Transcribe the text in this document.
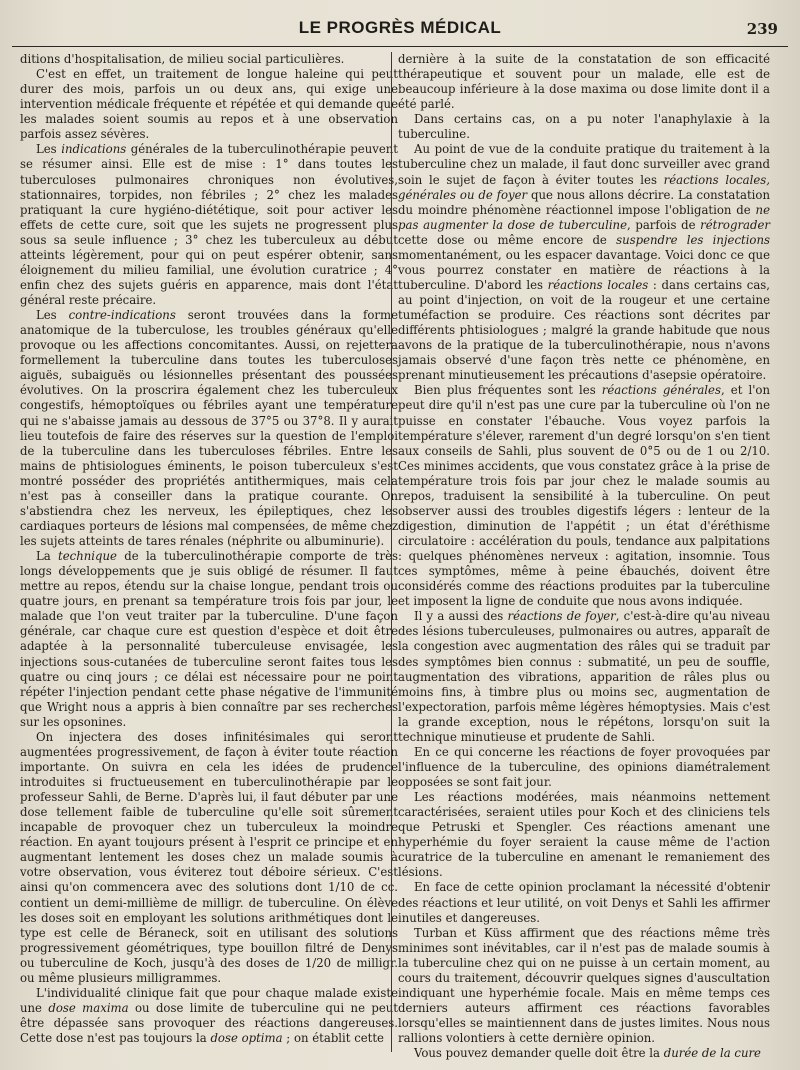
LE PROGRÈS MÉDICAL	239

ditions d'hospitalisation, de milieu social particulières.

C'est en effet, un traitement de longue haleine qui peut durer des mois, parfois un ou deux ans, qui exige une intervention médicale fréquente et répétée et qui demande que les malades soient soumis au repos et à une observation parfois assez sévères.

Les indications générales de la tuberculinothérapie peuvent se résumer ainsi. Elle est de mise : 1° dans toutes les tuberculoses pulmonaires chroniques non évolutives, stationnaires, torpides, non fébriles ; 2° chez les malades pratiquant la cure hygiéno-diététique, soit pour activer les effets de cette cure, soit que les sujets ne progressent plus sous sa seule influence ; 3° chez les tuberculeux au début atteints légèrement, pour qui on peut espérer obtenir, sans éloignement du milieu familial, une évolution curatrice ; 4° enfin chez des sujets guéris en apparence, mais dont l'état général reste précaire.

Les contre-indications seront trouvées dans la forme anatomique de la tuberculose, les troubles généraux qu'elle provoque ou les affections concomitantes. Aussi, on rejettera formellement la tuberculine dans toutes les tuberculoses aiguës, subaiguës ou lésionnelles présentant des poussées évolutives. On la proscrira également chez les tuberculeux congestifs, hémoptoïques ou fébriles ayant une température qui ne s'abaisse jamais au dessous de 37°5 ou 37°8. Il y aurait lieu toutefois de faire des réserves sur la question de l'emploi de la tuberculine dans les tuberculoses fébriles. Entre les mains de phtisiologues éminents, le poison tuberculeux s'est montré posséder des propriétés antithermiques, mais cela n'est pas à conseiller dans la pratique courante. On s'abstiendra chez les nerveux, les épileptiques, chez les cardiaques porteurs de lésions mal compensées, de même chez les sujets atteints de tares rénales (néphrite ou albuminurie).

La technique de la tuberculinothérapie comporte de très longs développements que je suis obligé de résumer. Il faut mettre au repos, étendu sur la chaise longue, pendant trois ou quatre jours, en prenant sa température trois fois par jour, le malade que l'on veut traiter par la tuberculine. D'une façon générale, car chaque cure est question d'espèce et doit être adaptée à la personnalité tuberculeuse envisagée, les injections sous-cutanées de tuberculine seront faites tous les quatre ou cinq jours ; ce délai est nécessaire pour ne point répéter l'injection pendant cette phase négative de l'immunité que Wright nous a appris à bien connaître par ses recherches sur les opsonines.

On injectera des doses infinitésimales qui seront augmentées progressivement, de façon à éviter toute réaction importante. On suivra en cela les idées de prudence introduites si fructueusement en tuberculinothérapie par le professeur Sahli, de Berne. D'après lui, il faut débuter par une dose tellement faible de tuberculine qu'elle soit sûrement incapable de provoquer chez un tuberculeux la moindre réaction. En ayant toujours présent à l'esprit ce principe et en augmentant lentement les doses chez un malade soumis à votre observation, vous éviterez tout déboire sérieux. C'est ainsi qu'on commencera avec des solutions dont 1/10 de cc. contient un demi-millième de milligr. de tuberculine. On élève les doses soit en employant les solutions arithmétiques dont le type est celle de Béraneck, soit en utilisant des solutions progressivement géométriques, type bouillon filtré de Denys ou tuberculine de Koch, jusqu'à des doses de 1/20 de milligr. ou même plusieurs milligrammes.

L'individualité clinique fait que pour chaque malade existe une dose maxima ou dose limite de tuberculine qui ne peut être dépassée sans provoquer des réactions dangereuses. Cette dose n'est pas toujours la dose optima ; on établit cette

dernière à la suite de la constatation de son efficacité thérapeutique et souvent pour un malade, elle est de beaucoup inférieure à la dose maxima ou dose limite dont il a été parlé.

Dans certains cas, on a pu noter l'anaphylaxie à la tuberculine.

Au point de vue de la conduite pratique du traitement à la tuberculine chez un malade, il faut donc surveiller avec grand soin le sujet de façon à éviter toutes les réactions locales, générales ou de foyer que nous allons décrire. La constatation du moindre phénomène réactionnel impose l'obligation de ne pas augmenter la dose de tuberculine, parfois de rétrograder cette dose ou même encore de suspendre les injections momentanément, ou les espacer davantage. Voici donc ce que vous pourrez constater en matière de réactions à la tuberculine. D'abord les réactions locales : dans certains cas, au point d'injection, on voit de la rougeur et une certaine tuméfaction se produire. Ces réactions sont décrites par différents phtisiologues ; malgré la grande habitude que nous avons de la pratique de la tuberculinothérapie, nous n'avons jamais observé d'une façon très nette ce phénomène, en prenant minutieusement les précautions d'asepsie opératoire.

Bien plus fréquentes sont les réactions générales, et l'on peut dire qu'il n'est pas une cure par la tuberculine où l'on ne puisse en constater l'ébauche. Vous voyez parfois la température s'élever, rarement d'un degré lorsqu'on s'en tient aux conseils de Sahli, plus souvent de 0°5 ou de 1 ou 2/10. Ces minimes accidents, que vous constatez grâce à la prise de température trois fois par jour chez le malade soumis au repos, traduisent la sensibilité à la tuberculine. On peut observer aussi des troubles digestifs légers : lenteur de la digestion, diminution de l'appétit ; un état d'éréthisme circulatoire : accélération du pouls, tendance aux palpitations : quelques phénomènes nerveux : agitation, insomnie. Tous ces symptômes, même à peine ébauchés, doivent être considérés comme des réactions produites par la tuberculine et imposent la ligne de conduite que nous avons indiquée.

Il y a aussi des réactions de foyer, c'est-à-dire qu'au niveau des lésions tuberculeuses, pulmonaires ou autres, apparaît de la congestion avec augmentation des râles qui se traduit par des symptômes bien connus : submatité, un peu de souffle, augmentation des vibrations, apparition de râles plus ou moins fins, à timbre plus ou moins sec, augmentation de l'expectoration, parfois même légères hémoptysies. Mais c'est la grande exception, nous le répétons, lorsqu'on suit la technique minutieuse et prudente de Sahli.

En ce qui concerne les réactions de foyer provoquées par l'influence de la tuberculine, des opinions diamétralement opposées se sont fait jour.

Les réactions modérées, mais néanmoins nettement caractérisées, seraient utiles pour Koch et des cliniciens tels que Petruski et Spengler. Ces réactions amenant une hyperhémie du foyer seraient la cause même de l'action curatrice de la tuberculine en amenant le remaniement des lésions.

En face de cette opinion proclamant la nécessité d'obtenir des réactions et leur utilité, on voit Denys et Sahli les affirmer inutiles et dangereuses.

Turban et Küss affirment que des réactions même très minimes sont inévitables, car il n'est pas de malade soumis à la tuberculine chez qui on ne puisse à un certain moment, au cours du traitement, découvrir quelques signes d'auscultation indiquant une hyperhémie focale. Mais en même temps ces derniers auteurs affirment ces réactions favorables lorsqu'elles se maintiennent dans de justes limites. Nous nous rallions volontiers à cette dernière opinion.

Vous pouvez demander quelle doit être la durée de la cure
